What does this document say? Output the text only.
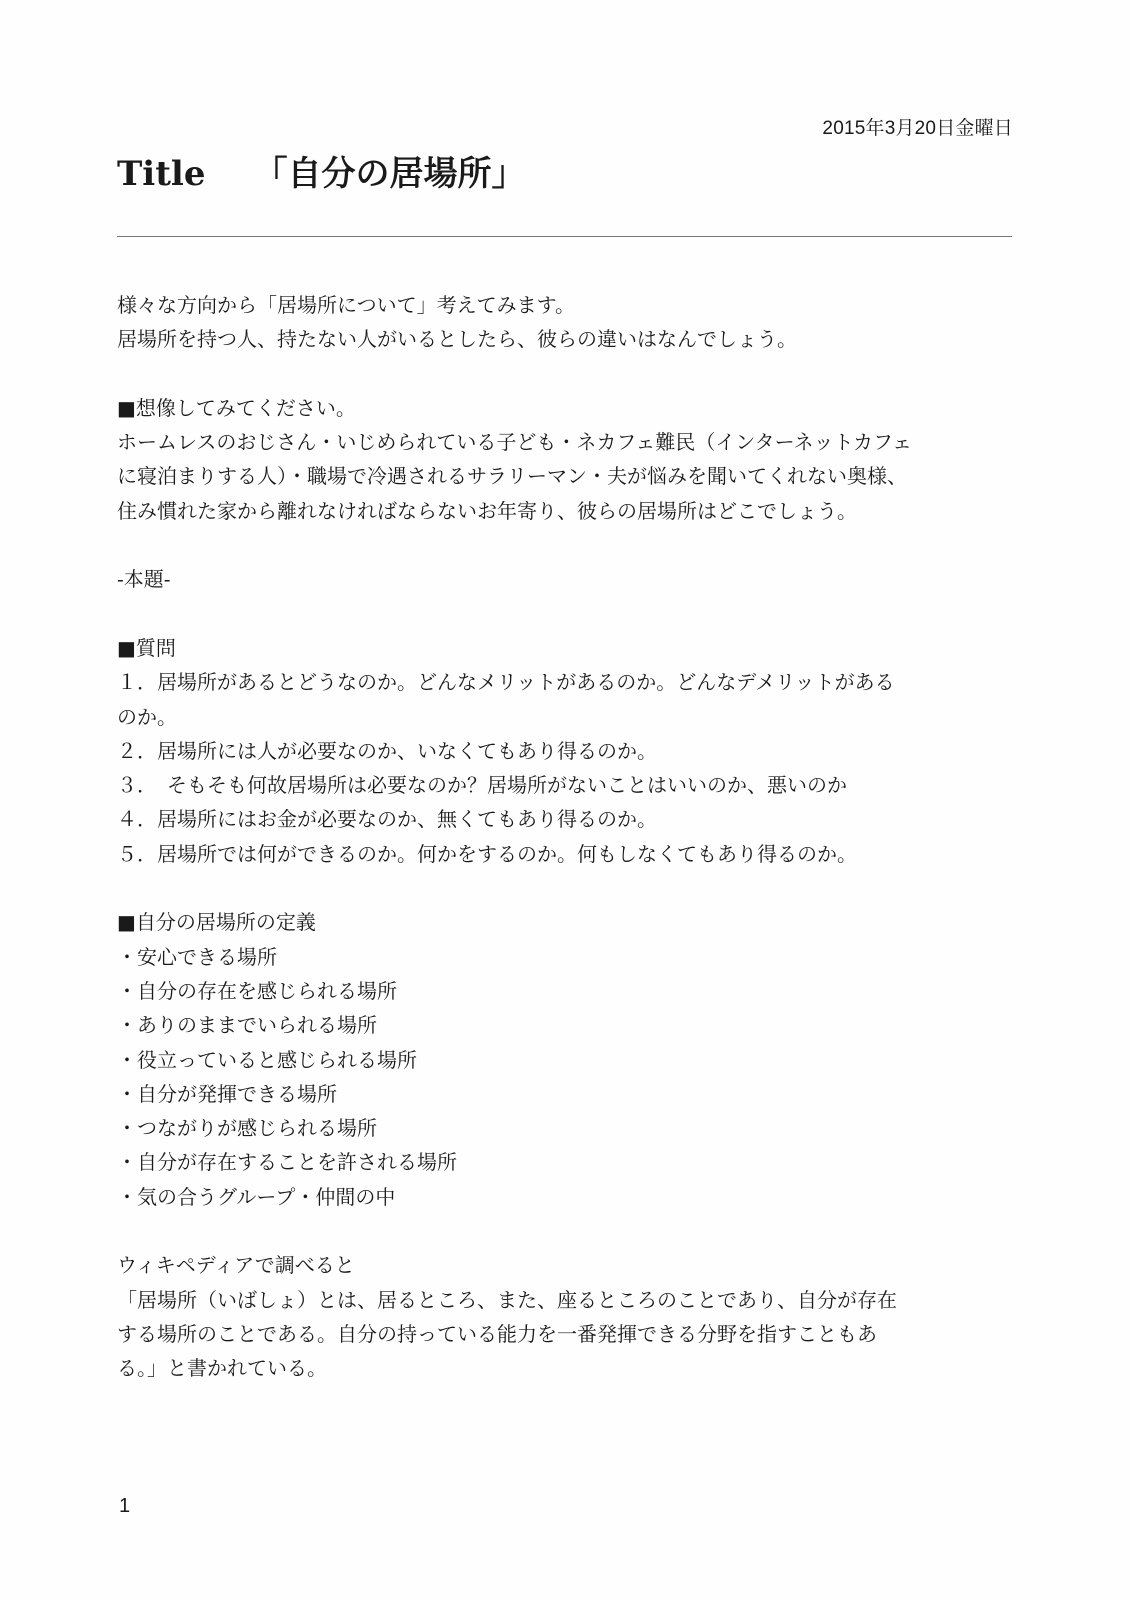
2015年3月20日金曜日
Title 「自分の居場所」
様々な方向から「居場所について」考えてみます。
居場所を持つ人、持たない人がいるとしたら、彼らの違いはなんでしょう。
■想像してみてください。
ホームレスのおじさん・いじめられている子ども・ネカフェ難民（インターネットカフェ
に寝泊まりする人）・職場で冷遇されるサラリーマン・夫が悩みを聞いてくれない奥様、
住み慣れた家から離れなければならないお年寄り、彼らの居場所はどこでしょう。
-本題-
■質問
１．居場所があるとどうなのか。どんなメリットがあるのか。どんなデメリットがある
のか。
２．居場所には人が必要なのか、いなくてもあり得るのか。
３．　そもそも何故居場所は必要なのか？居場所がないことはいいのか、悪いのか
４．居場所にはお金が必要なのか、無くてもあり得るのか。
５．居場所では何ができるのか。何かをするのか。何もしなくてもあり得るのか。
■自分の居場所の定義
・安心できる場所
・自分の存在を感じられる場所
・ありのままでいられる場所
・役立っていると感じられる場所
・自分が発揮できる場所
・つながりが感じられる場所
・自分が存在することを許される場所
・気の合うグループ・仲間の中
ウィキペディアで調べると
「居場所（いばしょ）とは、居るところ、また、座るところのことであり、自分が存在
する場所のことである。自分の持っている能力を一番発揮できる分野を指すこともあ
る。」と書かれている。
1
